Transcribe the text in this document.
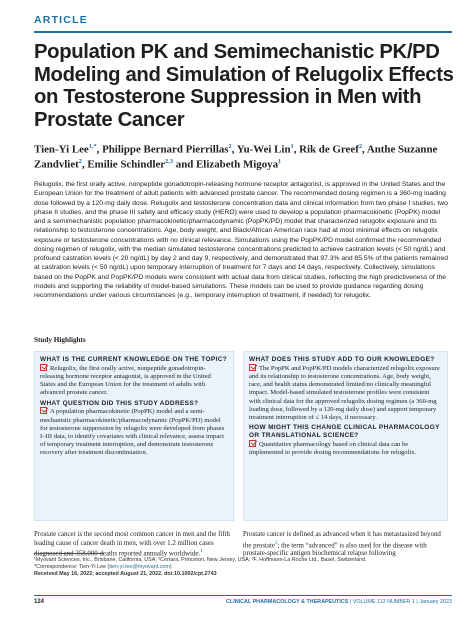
ARTICLE
Population PK and Semimechanistic PK/PD Modeling and Simulation of Relugolix Effects on Testosterone Suppression in Men with Prostate Cancer
Tien-Yi Lee$^{1,*}$, Philippe Bernard Pierrillas$^2$, Yu-Wei Lin$^1$, Rik de Greef$^2$, Anthe Suzanne Zandvliet$^2$, Emilie Schindler$^{2,3}$ and Elizabeth Migoya$^1$

Relugolix, the first orally active, nonpeptide gonadotropin-releasing hormone receptor antagonist, is approved in the United States and the European Union for the treatment of adult patients with advanced prostate cancer. The recommended dosing regimen is a 360-mg loading dose followed by a 120-mg daily dose. Relugolix and testosterone concentration data and clinical information from two phase I studies, two phase II studies, and the phase III safety and efficacy study (HERO) were used to develop a population pharmacokinetic (PopPK) model and a semimechanistic population pharmacokinetic/pharmacodynamic (PopPK/PD) model that characterized relugolix exposure and its relationship to testosterone concentrations. Age, body weight, and Black/African American race had at most minimal effects on relugolix exposure or testosterone concentrations with no clinical relevance. Simulations using the PopPK/PD model confirmed the recommended dosing regimen of relugolix, with the median simulated testosterone concentrations predicted to achieve castration levels (< 50 ng/dL) and profound castration levels (< 20 ng/dL) by day 2 and day 9, respectively, and demonstrated that 97.3% and 85.5% of the patients remained at castration levels (< 50 ng/dL) upon temporary interruption of treatment for 7 days and 14 days, respectively. Collectively, simulations based on the PopPK and PopPK/PD models were consistent with actual data from clinical studies, reflecting the high predictiveness of the models and supporting the reliability of model-based simulations. These models can be used to provide guidance regarding dosing recommendations under various circumstances (e.g., temporary interruption of treatment, if needed) for relugolix.

Study Highlights
WHAT IS THE CURRENT KNOWLEDGE ON THE TOPIC?

Relugolix, the first orally active, nonpeptide gonadotropin-releasing hormone receptor antagonist, is approved in the United States and the European Union for the treatment of adults with advanced prostate cancer.

WHAT QUESTION DID THIS STUDY ADDRESS?

A population pharmacokinetic (PopPK) model and a semi-mechanistic pharmacokinetic/pharmacodynamic (PopPK/PD) model for testosterone suppression by relugolix were developed from phases I–III data, to identify covariates with clinical relevance, assess impact of temporary treatment interruption, and demonstrate testosterone recovery after treatment discontinuation.

WHAT DOES THIS STUDY ADD TO OUR KNOWLEDGE?

The PopPK and PopPK/PD models characterized relugolix exposure and its relationship to testosterone concentrations. Age, body weight, race, and health status demonstrated limited/no clinically meaningful impact. Model-based simulated testosterone profiles were consistent with clinical data for the approved relugolix dosing regimen (a 360-mg loading dose, followed by a 120-mg daily dose) and support temporary treatment interruption of ≤ 14 days, if necessary.

HOW MIGHT THIS CHANGE CLINICAL PHARMACOLOGY OR TRANSLATIONAL SCIENCE?

Quantitative pharmacology based on clinical data can be implemented to provide dosing recommendations for relugolix.

Prostate cancer is the second most common cancer in men and the fifth leading cause of cancer death in men, with over 1.2 million cases diagnosed and 358,000 deaths reported annually worldwide.$^1$

Prostate cancer is defined as advanced when it has metastasized beyond the prostate$^2$; the term “advanced” is also used for the disease with prostate-specific antigen biochemical relapse following

¹Myovant Sciences, Inc., Brisbane, California, USA; ²Certara, Princeton, New Jersey, USA; ³F. Hoffmann-La Roche Ltd., Basel, Switzerland.
*Correspondence: Tien-Yi Lee (tien-yi.lee@myovant.com)
Received May 16, 2022; accepted August 21, 2022. doi:10.1002/cpt.2743
124	CLINICAL PHARMACOLOGY & THERAPEUTICS | VOLUME 113 NUMBER 1 | January 2023
